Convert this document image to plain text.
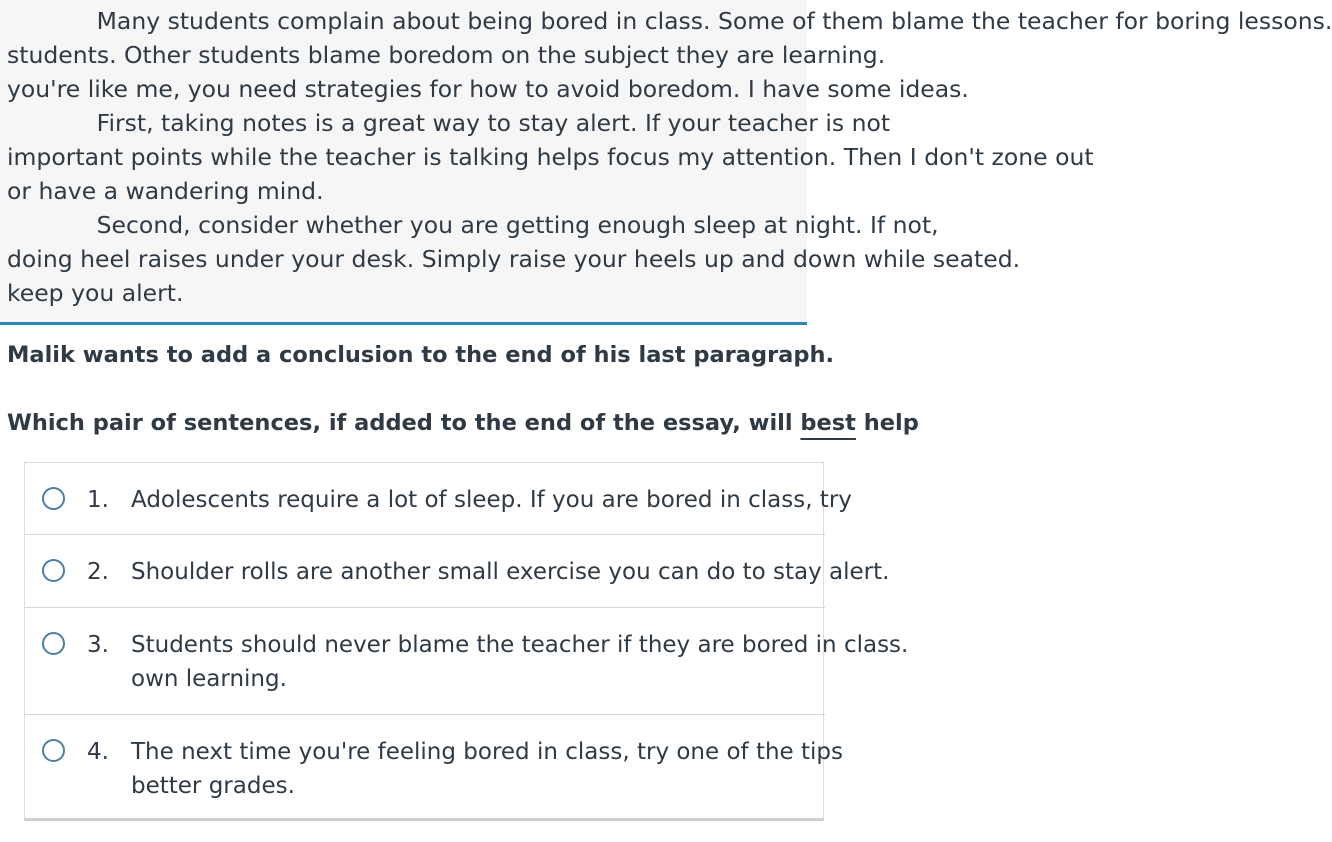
Many students complain about being bored in class. Some of them blame the teacher for boring lessons.
students. Other students blame boredom on the subject they are learning.
you're like me, you need strategies for how to avoid boredom. I have some ideas.

First, taking notes is a great way to stay alert. If your teacher is not
important points while the teacher is talking helps focus my attention. Then I don't zone out
or have a wandering mind.

Second, consider whether you are getting enough sleep at night. If not,
doing heel raises under your desk. Simply raise your heels up and down while seated.
keep you alert.

Malik wants to add a conclusion to the end of his last paragraph.

Which pair of sentences, if added to the end of the essay, will best help

1. Adolescents require a lot of sleep. If you are bored in class, try
2. Shoulder rolls are another small exercise you can do to stay alert.
3. Students should never blame the teacher if they are bored in class.
own learning.
4. The next time you're feeling bored in class, try one of the tips
better grades.
